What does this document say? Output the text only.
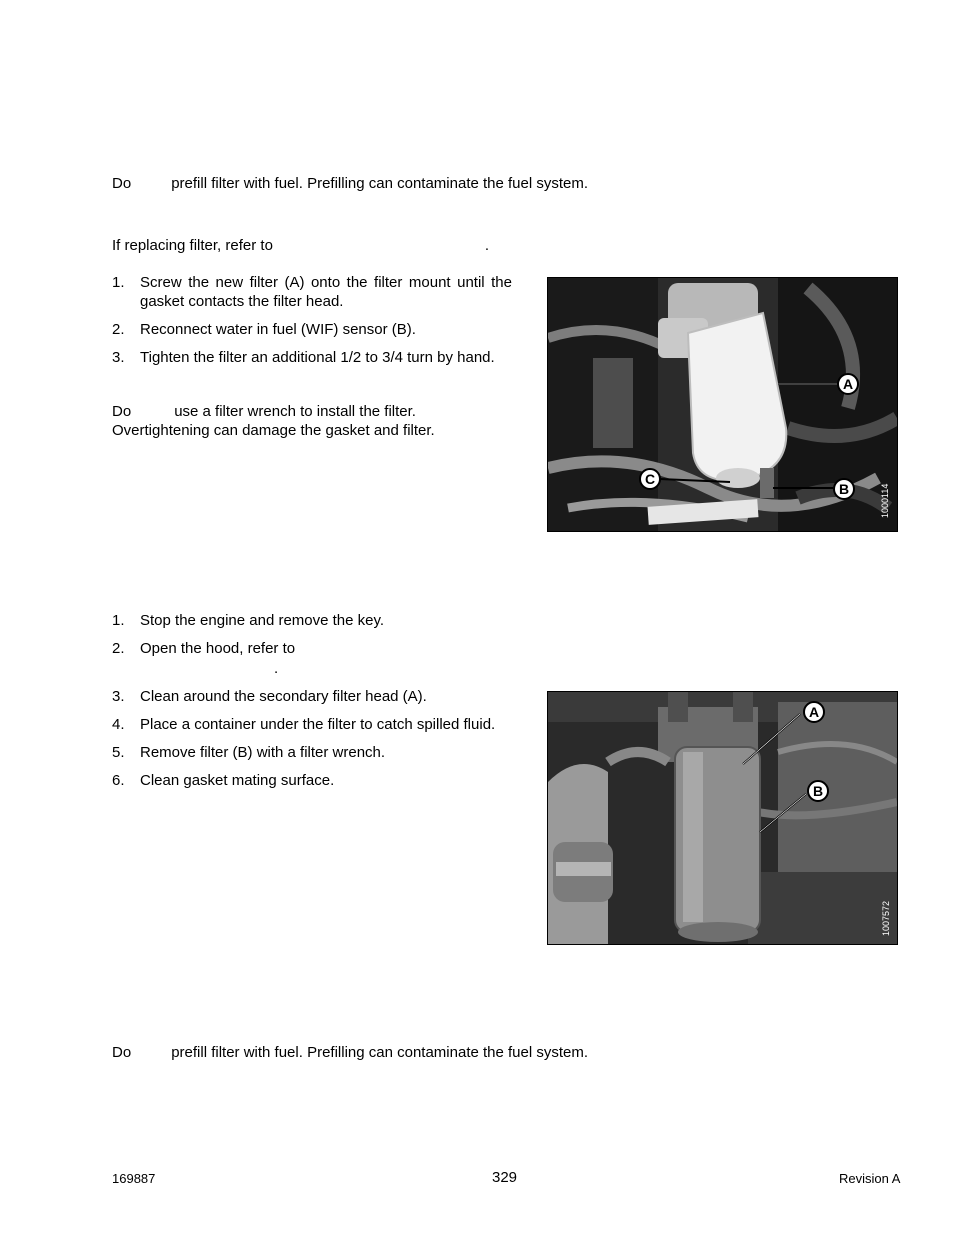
Do	prefill filter with fuel. Prefilling can contaminate the fuel system.
If replacing filter, refer to	.
1. Screw the new filter (A) onto the filter mount until the gasket contacts the filter head.
2. Reconnect water in fuel (WIF) sensor (B).
3. Tighten the filter an additional 1/2 to 3/4 turn by hand.
Do	use a filter wrench to install the filter.
Overtightening can damage the gasket and filter.
A
B
C
1000114
1. Stop the engine and remove the key.
2. Open the hood, refer to
.
3. Clean around the secondary filter head (A).
4. Place a container under the filter to catch spilled fluid.
5. Remove filter (B) with a filter wrench.
6. Clean gasket mating surface.
A
B
1007572
Do	prefill filter with fuel. Prefilling can contaminate the fuel system.
169887	329	Revision A
